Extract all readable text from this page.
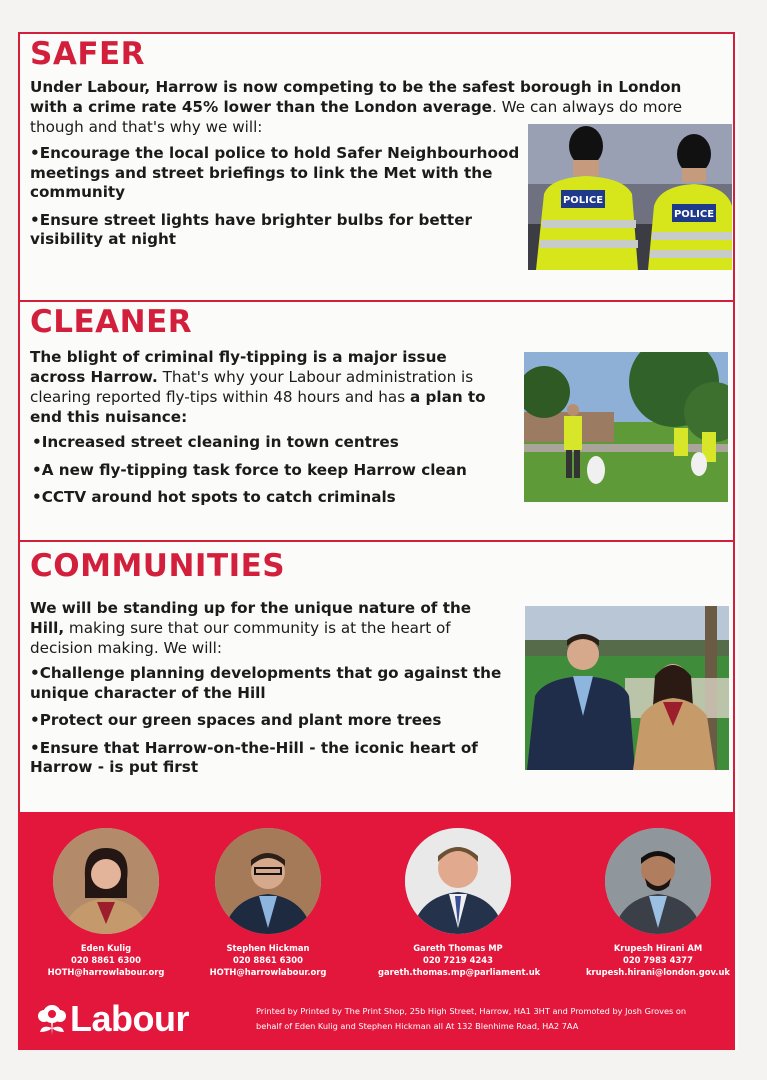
SAFER

Under Labour, Harrow is now competing to be the safest borough in London with a crime rate 45% lower than the London average. We can always do more though and that's why we will:

• Encourage the local police to hold Safer Neighbourhood meetings and street briefings to link the Met with the community
• Ensure street lights have brighter bulbs for better visibility at night
POLICE
POLICE
CLEANER

The blight of criminal fly-tipping is a major issue across Harrow. That's why your Labour administration is clearing reported fly-tips within 48 hours and has a plan to end this nuisance:

• Increased street cleaning in town centres
• A new fly-tipping task force to keep Harrow clean
• CCTV around hot spots to catch criminals
COMMUNITIES

We will be standing up for the unique nature of the Hill, making sure that our community is at the heart of decision making. We will:

• Challenge planning developments that go against the unique character of the Hill
• Protect our green spaces and plant more trees
• Ensure that Harrow-on-the-Hill - the iconic heart of Harrow - is put first
Eden Kulig
020 8861 6300
HOTH@harrowlabour.org
Stephen Hickman
020 8861 6300
HOTH@harrowlabour.org
Gareth Thomas MP
020 7219 4243
gareth.thomas.mp@parliament.uk
Krupesh Hirani AM
020 7983 4377
krupesh.hirani@london.gov.uk
Labour	Printed by Printed by The Print Shop, 25b High Street, Harrow, HA1 3HT and Promoted by Josh Groves on behalf of Eden Kulig and Stephen Hickman all At 132 Blenhime Road, HA2 7AA
